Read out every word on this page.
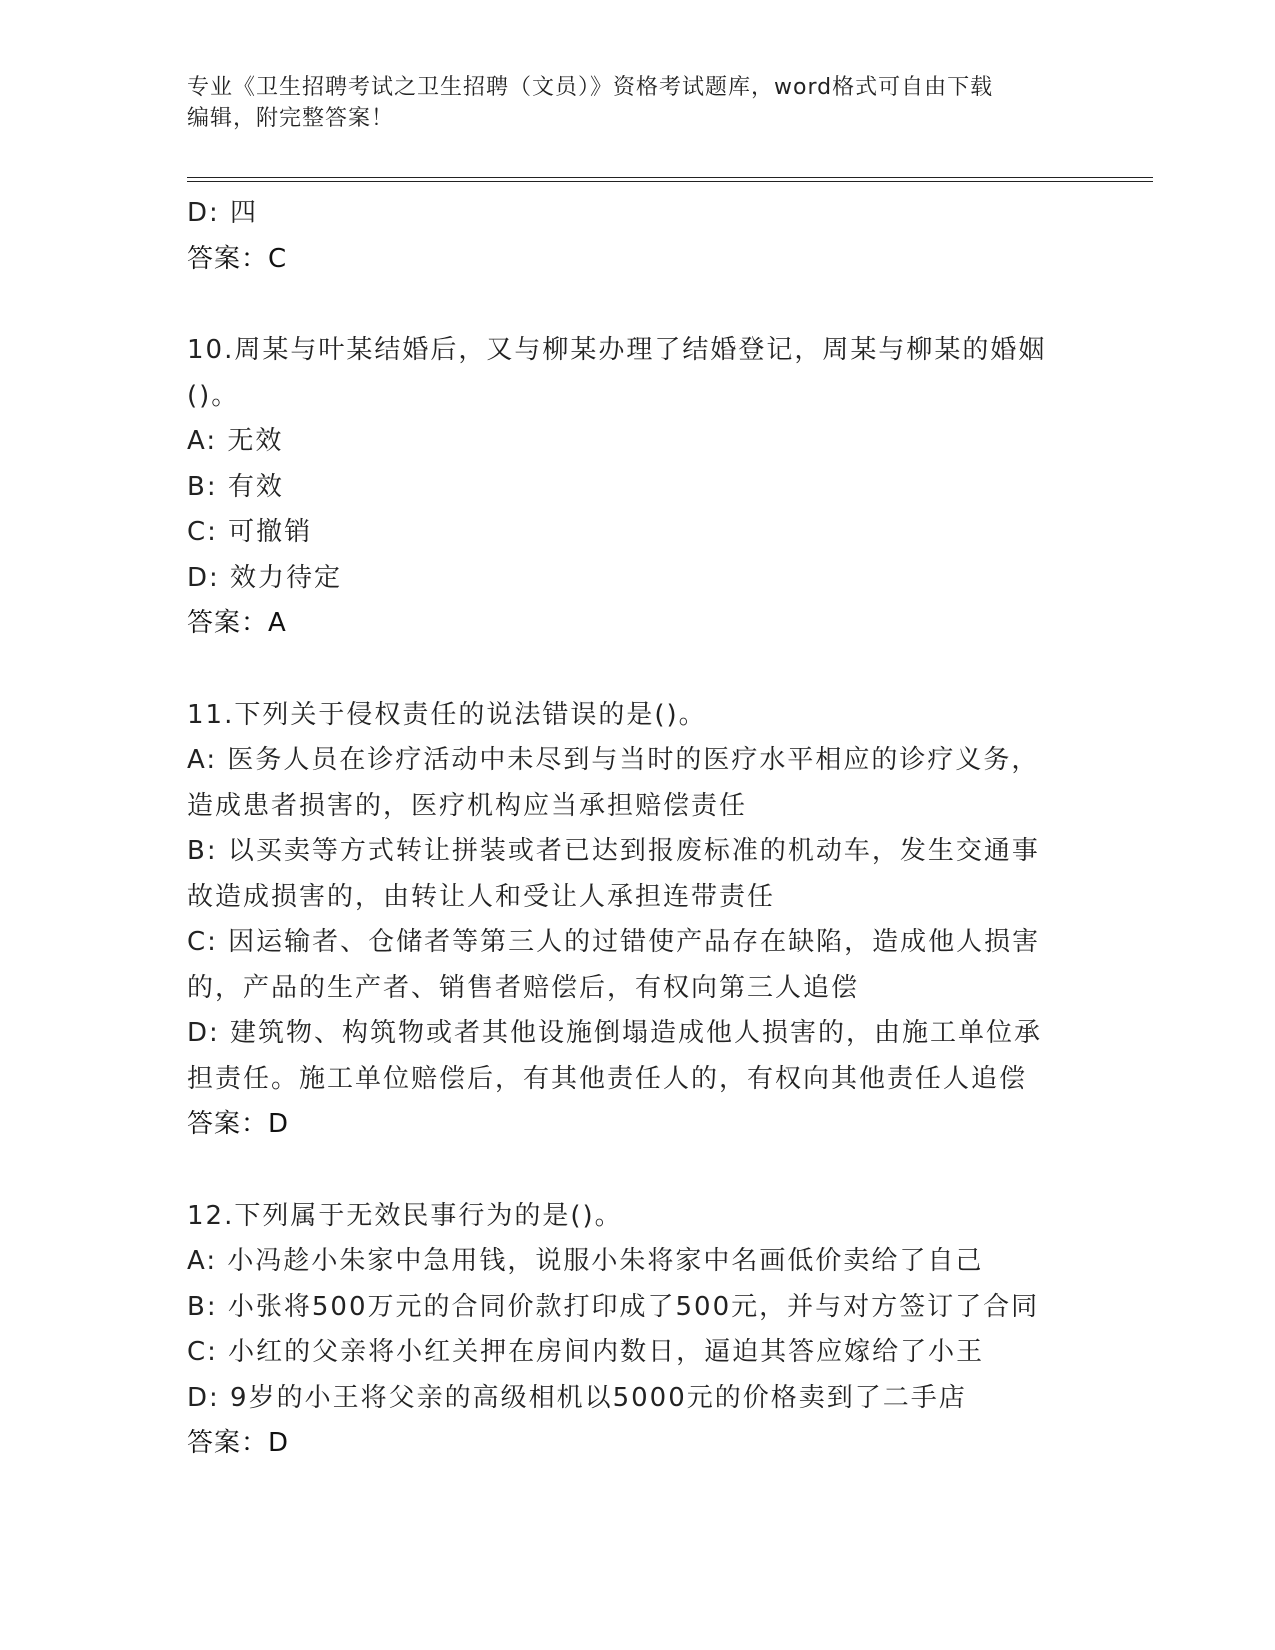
专业《卫生招聘考试之卫生招聘（文员）》资格考试题库，word格式可自由下载
编辑，附完整答案！
D: 四
答案：C
10.周某与叶某结婚后，又与柳某办理了结婚登记，周某与柳某的婚姻
()。
A: 无效
B: 有效
C: 可撤销
D: 效力待定
答案：A
11.下列关于侵权责任的说法错误的是()。
A: 医务人员在诊疗活动中未尽到与当时的医疗水平相应的诊疗义务，
造成患者损害的，医疗机构应当承担赔偿责任
B: 以买卖等方式转让拼装或者已达到报废标准的机动车，发生交通事
故造成损害的，由转让人和受让人承担连带责任
C: 因运输者、仓储者等第三人的过错使产品存在缺陷，造成他人损害
的，产品的生产者、销售者赔偿后，有权向第三人追偿
D: 建筑物、构筑物或者其他设施倒塌造成他人损害的，由施工单位承
担责任。施工单位赔偿后，有其他责任人的，有权向其他责任人追偿
答案：D
12.下列属于无效民事行为的是()。
A: 小冯趁小朱家中急用钱，说服小朱将家中名画低价卖给了自己
B: 小张将500万元的合同价款打印成了500元，并与对方签订了合同
C: 小红的父亲将小红关押在房间内数日，逼迫其答应嫁给了小王
D: 9岁的小王将父亲的高级相机以5000元的价格卖到了二手店
答案：D
